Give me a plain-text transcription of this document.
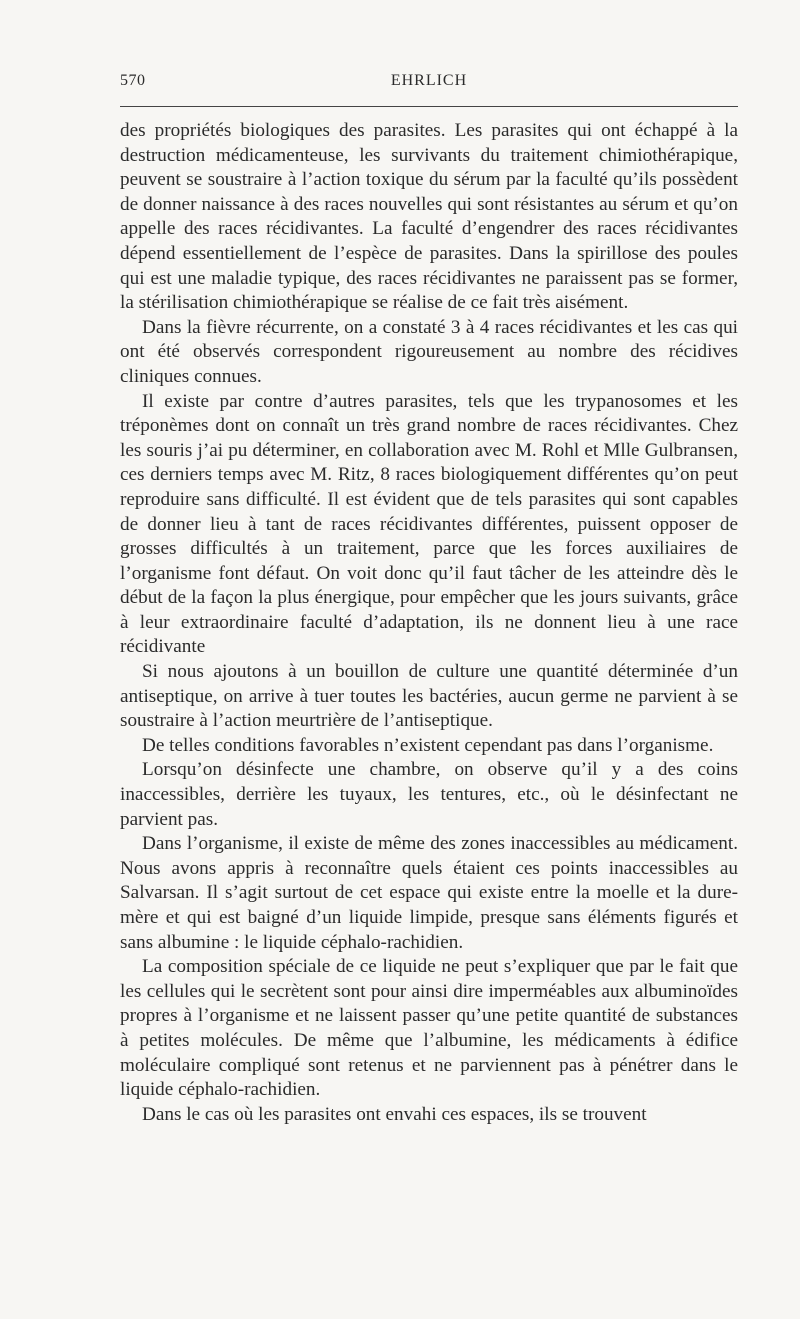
570	EHRLICH

des propriétés biologiques des parasites. Les parasites qui ont échappé à la destruction médicamenteuse, les survivants du traitement chimiothérapique, peuvent se soustraire à l’action toxique du sérum par la faculté qu’ils possèdent de donner naissance à des races nouvelles qui sont résistantes au sérum et qu’on appelle des races récidivantes. La faculté d’engendrer des races récidivantes dépend essentiellement de l’espèce de parasites. Dans la spirillose des poules qui est une maladie typique, des races récidivantes ne paraissent pas se former, la stérilisation chimiothérapique se réalise de ce fait très aisément.

Dans la fièvre récurrente, on a constaté 3 à 4 races récidivantes et les cas qui ont été observés correspondent rigoureusement au nombre des récidives cliniques connues.

Il existe par contre d’autres parasites, tels que les trypanosomes et les tréponèmes dont on connaît un très grand nombre de races récidivantes. Chez les souris j’ai pu déterminer, en collaboration avec M. Rohl et Mlle Gulbransen, ces derniers temps avec M. Ritz, 8 races biologiquement différentes qu’on peut reproduire sans difficulté. Il est évident que de tels parasites qui sont capables de donner lieu à tant de races récidivantes différentes, puissent opposer de grosses difficultés à un traitement, parce que les forces auxiliaires de l’organisme font défaut. On voit donc qu’il faut tâcher de les atteindre dès le début de la façon la plus énergique, pour empêcher que les jours suivants, grâce à leur extraordinaire faculté d’adaptation, ils ne donnent lieu à une race récidivante

Si nous ajoutons à un bouillon de culture une quantité déterminée d’un antiseptique, on arrive à tuer toutes les bactéries, aucun germe ne parvient à se soustraire à l’action meurtrière de l’antiseptique.

De telles conditions favorables n’existent cependant pas dans l’organisme.

Lorsqu’on désinfecte une chambre, on observe qu’il y a des coins inaccessibles, derrière les tuyaux, les tentures, etc., où le désinfectant ne parvient pas.

Dans l’organisme, il existe de même des zones inaccessibles au médicament. Nous avons appris à reconnaître quels étaient ces points inaccessibles au Salvarsan. Il s’agit surtout de cet espace qui existe entre la moelle et la dure-mère et qui est baigné d’un liquide limpide, presque sans éléments figurés et sans albumine : le liquide céphalo-rachidien.

La composition spéciale de ce liquide ne peut s’expliquer que par le fait que les cellules qui le secrètent sont pour ainsi dire imperméables aux albuminoïdes propres à l’organisme et ne laissent passer qu’une petite quantité de substances à petites molécules. De même que l’albumine, les médicaments à édifice moléculaire compliqué sont retenus et ne parviennent pas à pénétrer dans le liquide céphalo-rachidien.

Dans le cas où les parasites ont envahi ces espaces, ils se trouvent
